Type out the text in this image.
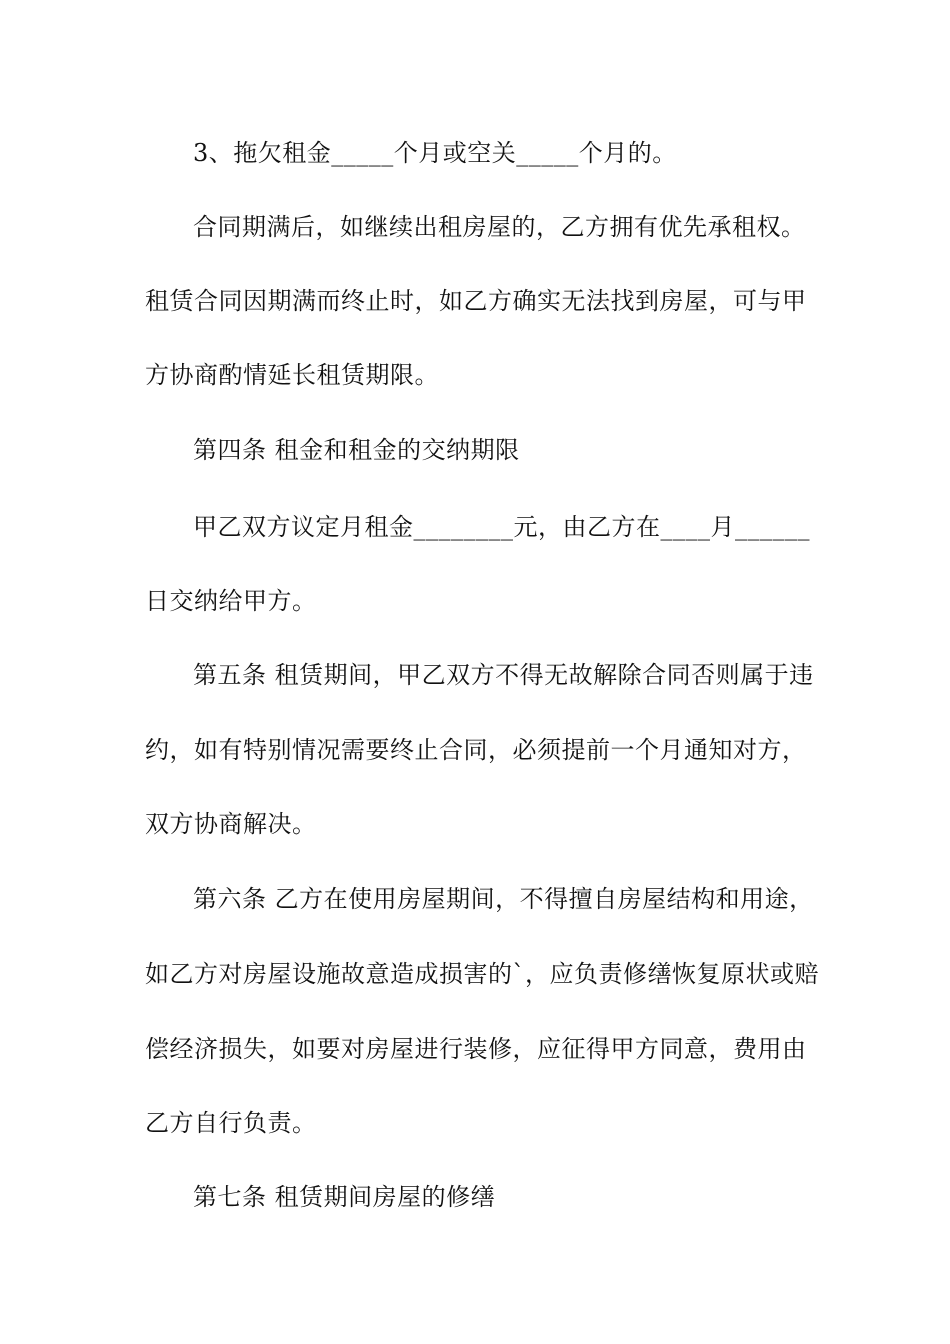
3、拖欠租金_____个月或空关_____个月的。
合同期满后，如继续出租房屋的，乙方拥有优先承租权。
租赁合同因期满而终止时，如乙方确实无法找到房屋，可与甲
方协商酌情延长租赁期限。
第四条 租金和租金的交纳期限
甲乙双方议定月租金________元，由乙方在____月______
日交纳给甲方。
第五条 租赁期间，甲乙双方不得无故解除合同否则属于违
约，如有特别情况需要终止合同，必须提前一个月通知对方，
双方协商解决。
第六条 乙方在使用房屋期间，不得擅自房屋结构和用途，
如乙方对房屋设施故意造成损害的`，应负责修缮恢复原状或赔
偿经济损失，如要对房屋进行装修，应征得甲方同意，费用由
乙方自行负责。
第七条 租赁期间房屋的修缮
